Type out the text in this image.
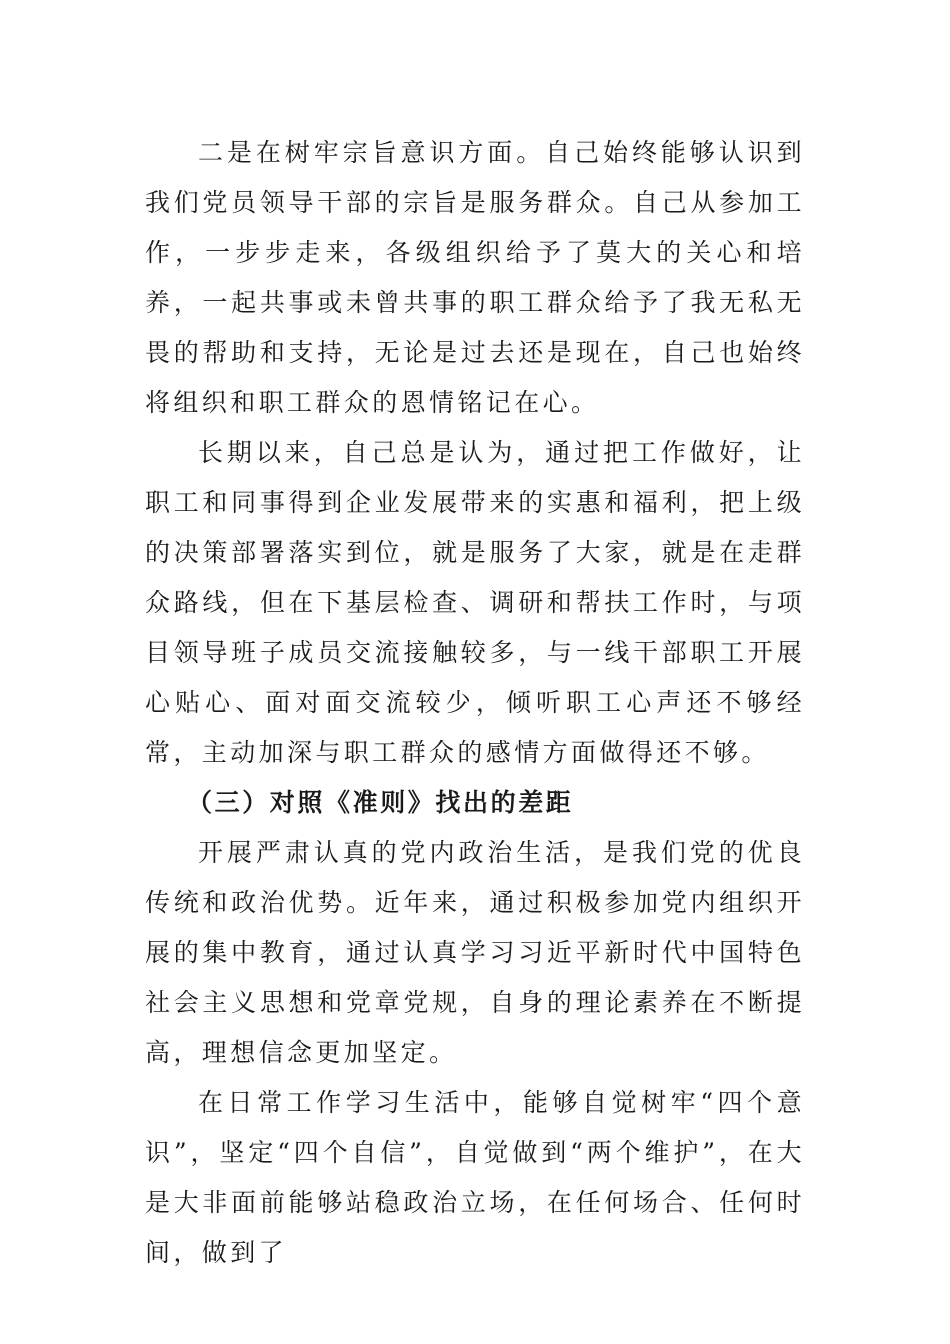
二是在树牢宗旨意识方面。自己始终能够认识到我们党员领导干部的宗旨是服务群众。自己从参加工作，一步步走来，各级组织给予了莫大的关心和培养，一起共事或未曾共事的职工群众给予了我无私无畏的帮助和支持，无论是过去还是现在，自己也始终将组织和职工群众的恩情铭记在心。

长期以来，自己总是认为，通过把工作做好，让职工和同事得到企业发展带来的实惠和福利，把上级的决策部署落实到位，就是服务了大家，就是在走群众路线，但在下基层检查、调研和帮扶工作时，与项目领导班子成员交流接触较多，与一线干部职工开展心贴心、面对面交流较少，倾听职工心声还不够经常，主动加深与职工群众的感情方面做得还不够。

（三）对照《准则》找出的差距

开展严肃认真的党内政治生活，是我们党的优良传统和政治优势。近年来，通过积极参加党内组织开展的集中教育，通过认真学习习近平新时代中国特色社会主义思想和党章党规，自身的理论素养在不断提高，理想信念更加坚定。

在日常工作学习生活中，能够自觉树牢“四个意识”，坚定“四个自信”，自觉做到“两个维护”，在大是大非面前能够站稳政治立场，在任何场合、任何时间，做到了
